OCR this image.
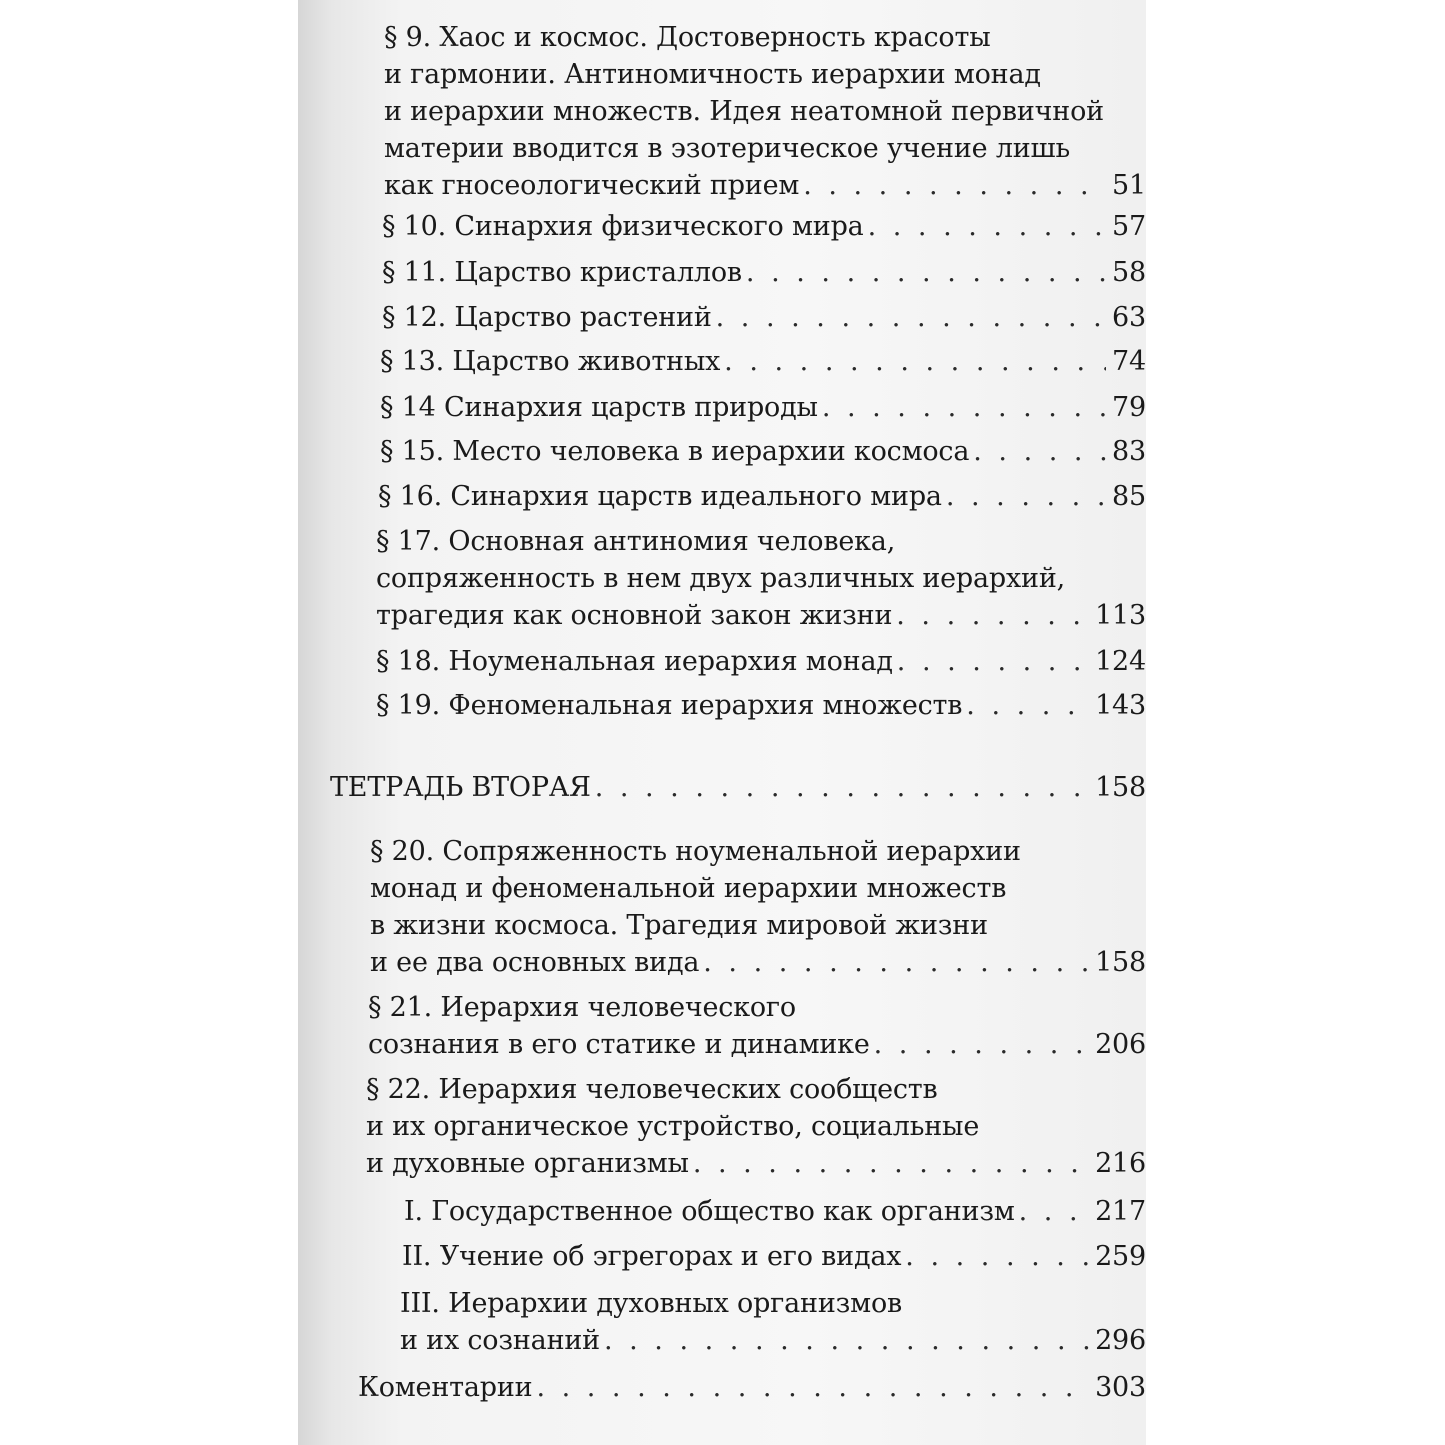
§ 9. Хаос и космос. Достоверность красоты
и гармонии. Антиномичность иерархии монад
и иерархии множеств. Идея неатомной первичной
материи вводится в эзотерическое учение лишь
как гносеологический прием . . .	51
§ 10. Синархия физического мира . . .	57
§ 11. Царство кристаллов . . .	58
§ 12. Царство растений . . .	63
§ 13. Царство животных . . .	74
§ 14 Синархия царств природы . . .	79
§ 15. Место человека в иерархии космоса . . .	83
§ 16. Синархия царств идеального мира . . .	85
§ 17. Основная антиномия человека,
сопряженность в нем двух различных иерархий,
трагедия как основной закон жизни . . .	113
§ 18. Ноуменальная иерархия монад . . .	124
§ 19. Феноменальная иерархия множеств . . .	143
ТЕТРАДЬ ВТОРАЯ . . .	158
§ 20. Сопряженность ноуменальной иерархии
монад и феноменальной иерархии множеств
в жизни космоса. Трагедия мировой жизни
и ее два основных вида . . .	158
§ 21. Иерархия человеческого
сознания в его статике и динамике . . .	206
§ 22. Иерархия человеческих сообществ
и их органическое устройство, социальные
и духовные организмы . . .	216
I. Государственное общество как организм . . .	217
II. Учение об эгрегорах и его видах . . .	259
III. Иерархии духовных организмов
и их сознаний . . .	296
Коментарии . . .	303
